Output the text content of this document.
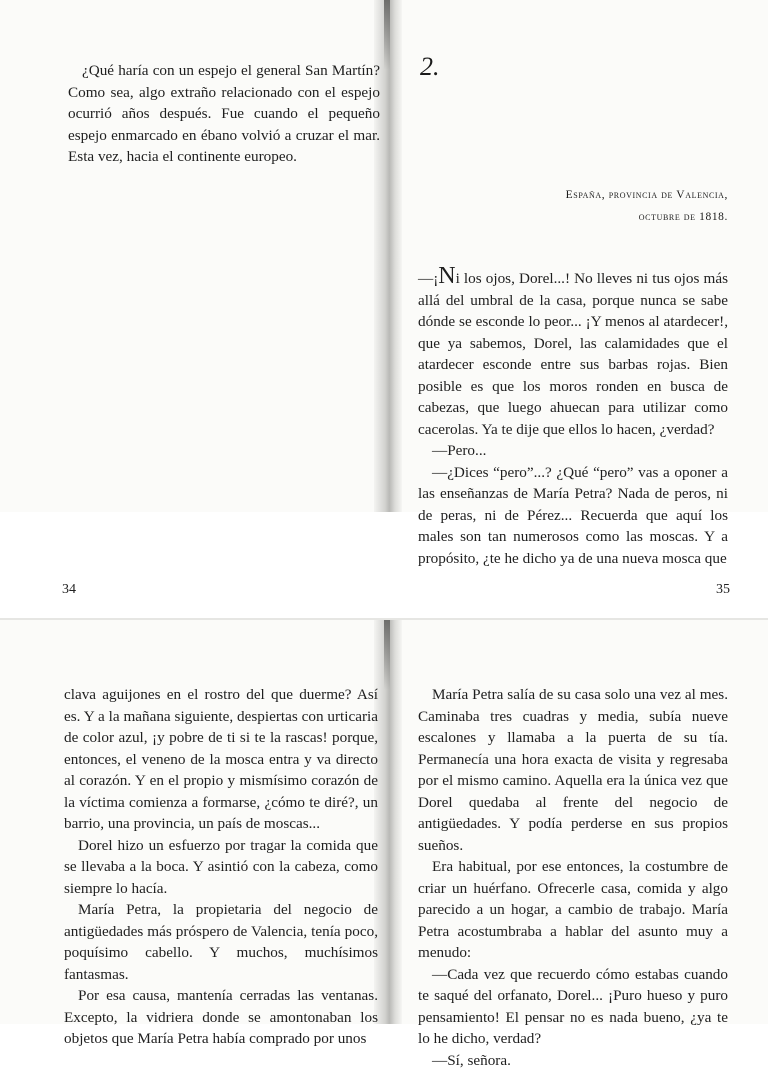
¿Qué haría con un espejo el general San Martín? Como sea, algo extraño relacionado con el espejo ocurrió años después. Fue cuando el pequeño espejo enmarcado en ébano volvió a cruzar el mar. Esta vez, hacia el continente europeo.

34
2.
España, provincia de Valencia,
octubre de 1818.

—¡Ni los ojos, Dorel...! No lleves ni tus ojos más allá del umbral de la casa, porque nunca se sabe dónde se esconde lo peor... ¡Y menos al atardecer!, que ya sabemos, Dorel, las calamidades que el atardecer esconde entre sus barbas rojas. Bien posible es que los moros ronden en busca de cabezas, que luego ahuecan para utilizar como cacerolas. Ya te dije que ellos lo hacen, ¿verdad?

—Pero...

—¿Dices “pero”...? ¿Qué “pero” vas a oponer a las enseñanzas de María Petra? Nada de peros, ni de peras, ni de Pérez... Recuerda que aquí los males son tan numerosos como las moscas. Y a propósito, ¿te he dicho ya de una nueva mosca que

35

clava aguijones en el rostro del que duerme? Así es. Y a la mañana siguiente, despiertas con urticaria de color azul, ¡y pobre de ti si te la rascas! porque, entonces, el veneno de la mosca entra y va directo al corazón. Y en el propio y mismísimo corazón de la víctima comienza a formarse, ¿cómo te diré?, un barrio, una provincia, un país de moscas...

Dorel hizo un esfuerzo por tragar la comida que se llevaba a la boca. Y asintió con la cabeza, como siempre lo hacía.

María Petra, la propietaria del negocio de antigüedades más próspero de Valencia, tenía poco, poquísimo cabello. Y muchos, muchísimos fantasmas.

Por esa causa, mantenía cerradas las ventanas. Excepto, la vidriera donde se amontonaban los objetos que María Petra había comprado por unos

María Petra salía de su casa solo una vez al mes. Caminaba tres cuadras y media, subía nueve escalones y llamaba a la puerta de su tía. Permanecía una hora exacta de visita y regresaba por el mismo camino. Aquella era la única vez que Dorel quedaba al frente del negocio de antigüedades. Y podía perderse en sus propios sueños.

Era habitual, por ese entonces, la costumbre de criar un huérfano. Ofrecerle casa, comida y algo parecido a un hogar, a cambio de trabajo. María Petra acostumbraba a hablar del asunto muy a menudo:

—Cada vez que recuerdo cómo estabas cuando te saqué del orfanato, Dorel... ¡Puro hueso y puro pensamiento! El pensar no es nada bueno, ¿ya te lo he dicho, verdad?

—Sí, señora.
